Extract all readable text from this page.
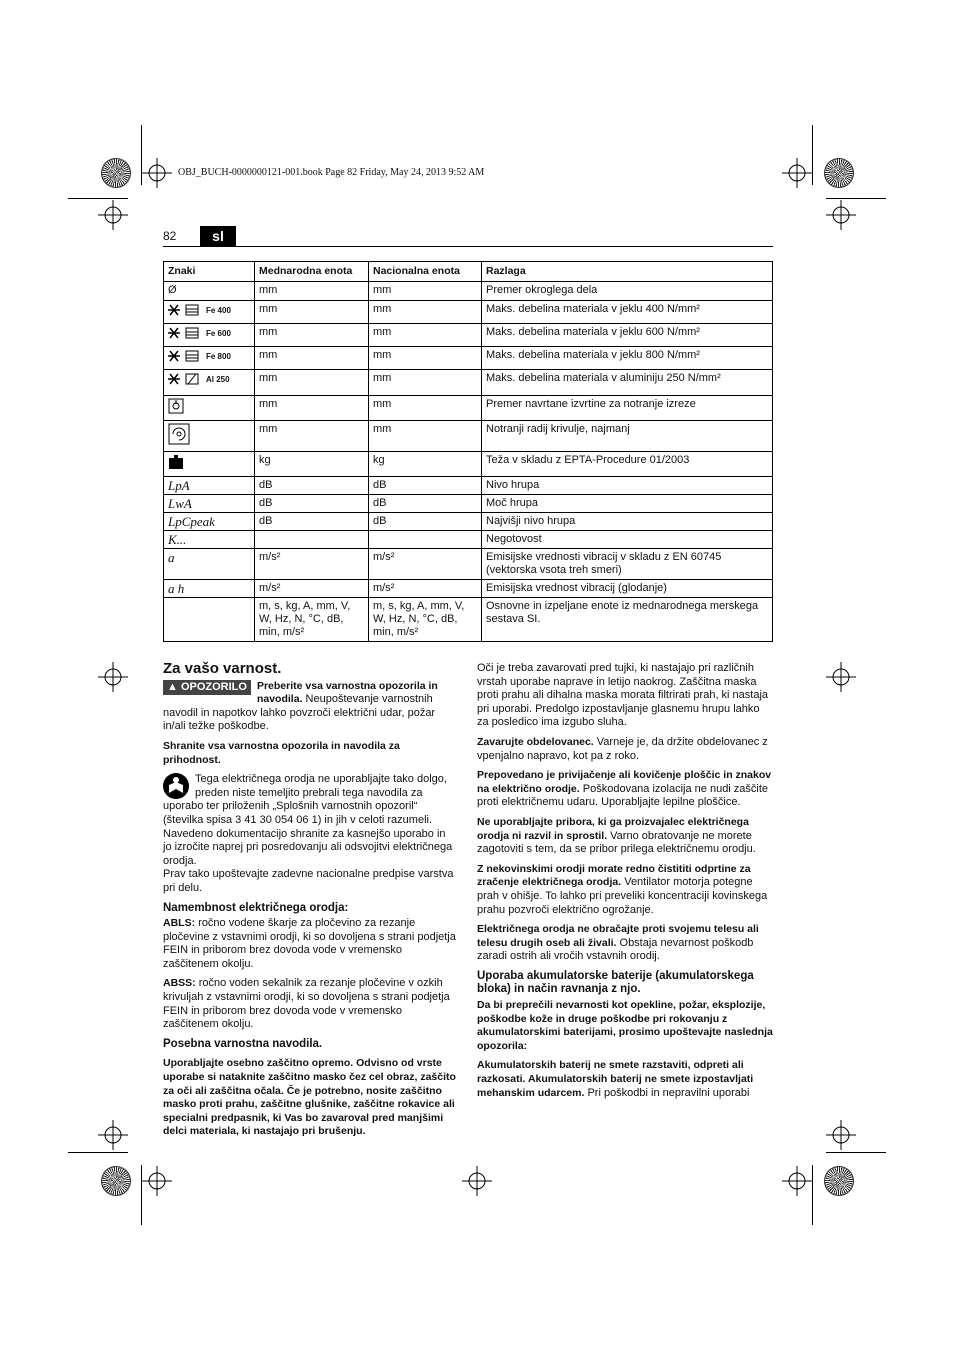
OBJ_BUCH-0000000121-001.book Page 82 Friday, May 24, 2013 9:52 AM
82	sl
Znaki	Mednarodna enota	Nacionalna enota	Razlaga
Ø	mm	mm	Premer okroglega dela

Fe 400	mm	mm	Maks. debelina materiala v jeklu 400 N/mm²

Fe 600	mm	mm	Maks. debelina materiala v jeklu 600 N/mm²

Fe 800	mm	mm	Maks. debelina materiala v jeklu 800 N/mm²

Al 250	mm	mm	Maks. debelina materiala v aluminiju 250 N/mm²
	mm	mm	Premer navrtane izvrtine za notranje izreze
	mm	mm	Notranji radij krivulje, najmanj
	kg	kg	Teža v skladu z EPTA-Procedure 01/2003
LpA	dB	dB	Nivo hrupa
LwA	dB	dB	Moč hrupa
LpCpeak	dB	dB	Najvišji nivo hrupa
K...			Negotovost
a	m/s²	m/s²	Emisijske vrednosti vibracij v skladu z EN 60745 (vektorska vsota treh smeri)
a h	m/s²	m/s²	Emisijska vrednost vibracij (glodanje)
	m, s, kg, A, mm, V, W, Hz, N, °C, dB, min, m/s²	m, s, kg, A, mm, V, W, Hz, N, °C, dB, min, m/s²	Osnovne in izpeljane enote iz mednarodnega merskega sestava SI.
Za vašo varnost.

▲ OPOZORILO Preberite vsa varnostna opozorila in navodila. Neupoštevanje varnostnih navodil in napotkov lahko povzroči električni udar, požar in/ali težke poškodbe.

Shranite vsa varnostna opozorila in navodila za prihodnost.

Tega električnega orodja ne uporabljajte tako dolgo, preden niste temeljito prebrali tega navodila za uporabo ter priloženih „Splošnih varnostnih opozoril“ (številka spisa 3 41 30 054 06 1) in jih v celoti razumeli. Navedeno dokumentacijo shranite za kasnejšo uporabo in jo izročite naprej pri posredovanju ali odsvojitvi električnega orodja.

Prav tako upoštevajte zadevne nacionalne predpise varstva pri delu.

Namembnost električnega orodja:

ABLS: ročno vodene škarje za pločevino za rezanje pločevine z vstavnimi orodji, ki so dovoljena s strani podjetja FEIN in priborom brez dovoda vode v vremensko zaščitenem okolju.

ABSS: ročno voden sekalnik za rezanje pločevine v ozkih krivuljah z vstavnimi orodji, ki so dovoljena s strani podjetja FEIN in priborom brez dovoda vode v vremensko zaščitenem okolju.

Posebna varnostna navodila.

Uporabljajte osebno zaščitno opremo. Odvisno od vrste uporabe si nataknite zaščitno masko čez cel obraz, zaščito za oči ali zaščitna očala. Če je potrebno, nosite zaščitno masko proti prahu, zaščitne glušnike, zaščitne rokavice ali specialni predpasnik, ki Vas bo zavaroval pred manjšimi delci materiala, ki nastajajo pri brušenju.

Oči je treba zavarovati pred tujki, ki nastajajo pri različnih vrstah uporabe naprave in letijo naokrog. Zaščitna maska proti prahu ali dihalna maska morata filtrirati prah, ki nastaja pri uporabi. Predolgo izpostavljanje glasnemu hrupu lahko za posledico ima izgubo sluha.

Zavarujte obdelovanec. Varneje je, da držite obdelovanec z vpenjalno napravo, kot pa z roko.

Prepovedano je privijačenje ali kovičenje ploščic in znakov na električno orodje. Poškodovana izolacija ne nudi zaščite proti električnemu udaru. Uporabljajte lepilne ploščice.

Ne uporabljajte pribora, ki ga proizvajalec električnega orodja ni razvil in sprostil. Varno obratovanje ne morete zagotoviti s tem, da se pribor prilega električnemu orodju.

Z nekovinskimi orodji morate redno čistititi odprtine za zračenje električnega orodja. Ventilator motorja potegne prah v ohišje. To lahko pri preveliki koncentraciji kovinskega prahu pozvroči električno ogrožanje.

Električnega orodja ne obračajte proti svojemu telesu ali telesu drugih oseb ali živali. Obstaja nevarnost poškodb zaradi ostrih ali vročih vstavnih orodij.

Uporaba akumulatorske baterije (akumulatorskega bloka) in način ravnanja z njo.

Da bi preprečili nevarnosti kot opekline, požar, eksplozije, poškodbe kože in druge poškodbe pri rokovanju z akumulatorskimi baterijami, prosimo upoštevajte naslednja opozorila:

Akumulatorskih baterij ne smete razstaviti, odpreti ali razkosati. Akumulatorskih baterij ne smete izpostavljati mehanskim udarcem. Pri poškodbi in nepravilni uporabi
